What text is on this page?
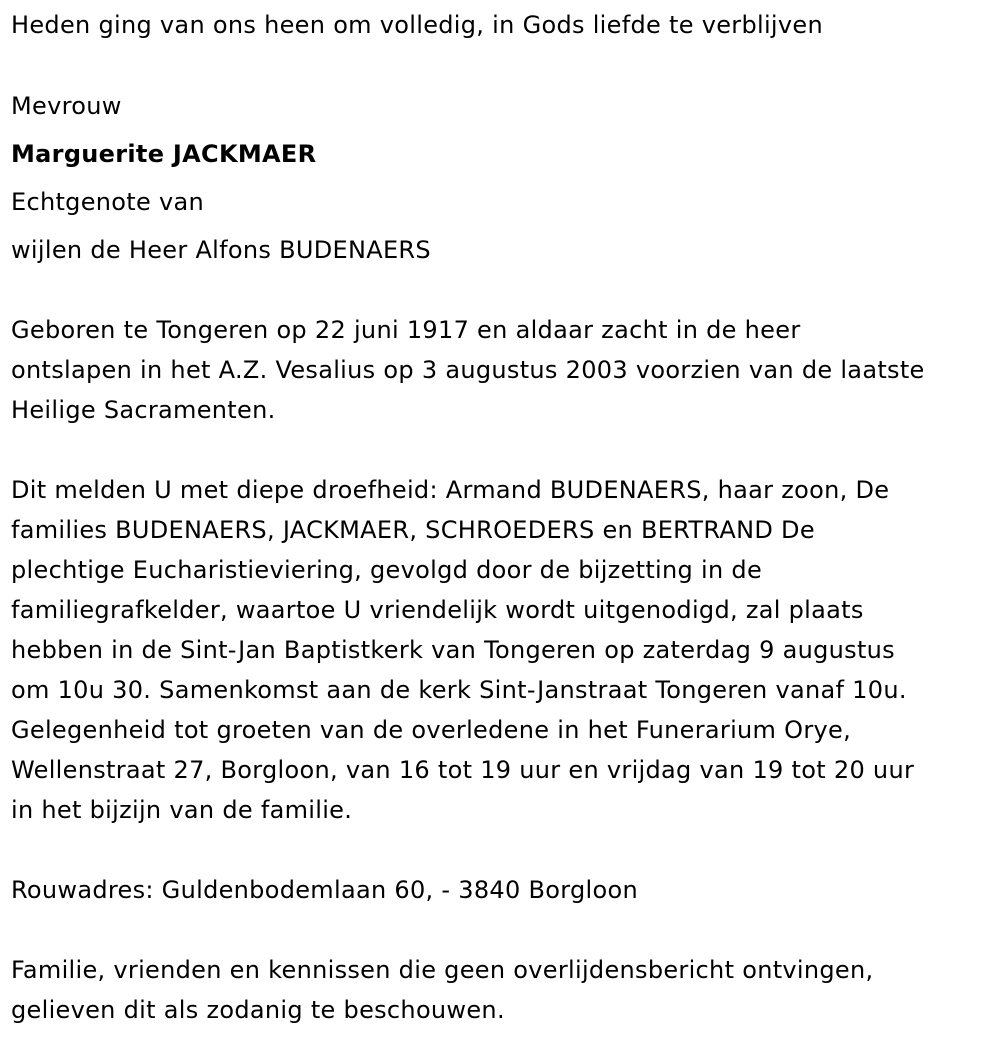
Heden ging van ons heen om volledig, in Gods liefde te verblijven
Mevrouw
Marguerite JACKMAER
Echtgenote van
wijlen de Heer Alfons BUDENAERS
Geboren te Tongeren op 22 juni 1917 en aldaar zacht in de heer
ontslapen in het A.Z. Vesalius op 3 augustus 2003 voorzien van de laatste
Heilige Sacramenten.
Dit melden U met diepe droefheid: Armand BUDENAERS, haar zoon, De
families BUDENAERS, JACKMAER, SCHROEDERS en BERTRAND De
plechtige Eucharistieviering, gevolgd door de bijzetting in de
familiegrafkelder, waartoe U vriendelijk wordt uitgenodigd, zal plaats
hebben in de Sint-Jan Baptistkerk van Tongeren op zaterdag 9 augustus
om 10u 30. Samenkomst aan de kerk Sint-Janstraat Tongeren vanaf 10u.
Gelegenheid tot groeten van de overledene in het Funerarium Orye,
Wellenstraat 27, Borgloon, van 16 tot 19 uur en vrijdag van 19 tot 20 uur
in het bijzijn van de familie.
Rouwadres: Guldenbodemlaan 60, - 3840 Borgloon
Familie, vrienden en kennissen die geen overlijdensbericht ontvingen,
gelieven dit als zodanig te beschouwen.
